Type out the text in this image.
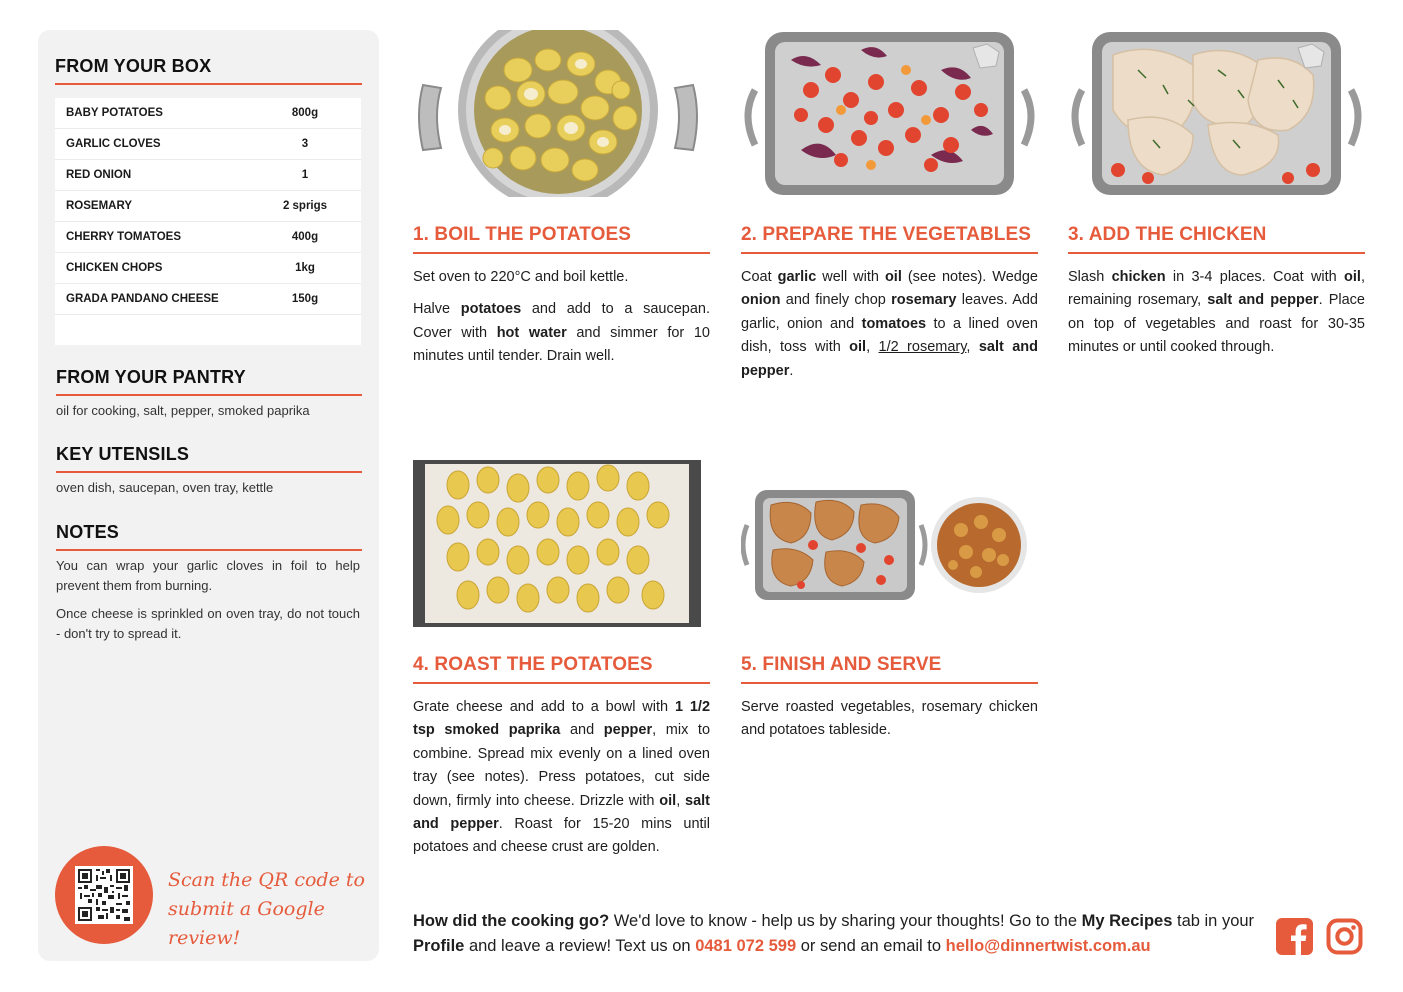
FROM YOUR BOX
BABY POTATOES	800g
GARLIC CLOVES	3
RED ONION	1
ROSEMARY	2 sprigs
CHERRY TOMATOES	400g
CHICKEN CHOPS	1kg
GRADA PANDANO CHEESE	150g
FROM YOUR PANTRY
oil for cooking, salt, pepper, smoked paprika
KEY UTENSILS
oven dish, saucepan, oven tray, kettle
NOTES
You can wrap your garlic cloves in foil to help prevent them from burning.
Once cheese is sprinkled on oven tray, do not touch - don't try to spread it.
Scan the QR code to
submit a Google review!
1. BOIL THE POTATOES

Set oven to 220°C and boil kettle.

Halve potatoes and add to a saucepan. Cover with hot water and simmer for 10 minutes until tender. Drain well.

2. PREPARE THE VEGETABLES

Coat garlic well with oil (see notes). Wedge onion and finely chop rosemary leaves. Add garlic, onion and tomatoes to a lined oven dish, toss with oil, 1/2 rosemary, salt and pepper.

3. ADD THE CHICKEN

Slash chicken in 3-4 places. Coat with oil, remaining rosemary, salt and pepper. Place on top of vegetables and roast for 30-35 minutes or until cooked through.

4. ROAST THE POTATOES

Grate cheese and add to a bowl with 1 1/2 tsp smoked paprika and pepper, mix to combine. Spread mix evenly on a lined oven tray (see notes). Press potatoes, cut side down, firmly into cheese. Drizzle with oil, salt and pepper. Roast for 15-20 mins until potatoes and cheese crust are golden.

5. FINISH AND SERVE

Serve roasted vegetables, rosemary chicken and potatoes tableside.

How did the cooking go? We'd love to know - help us by sharing your thoughts! Go to the My Recipes tab in your Profile and leave a review! Text us on 0481 072 599 or send an email to hello@dinnertwist.com.au
